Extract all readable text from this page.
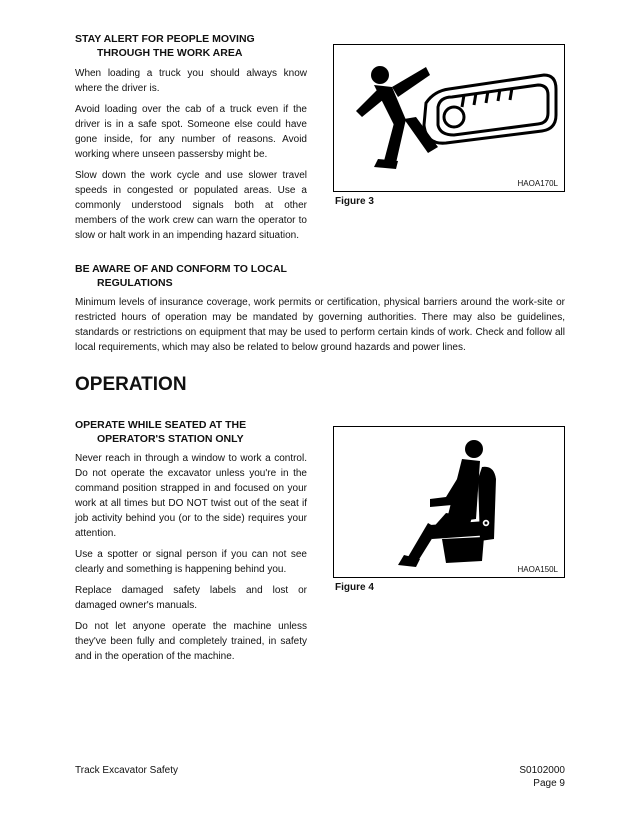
STAY ALERT FOR PEOPLE MOVING
THROUGH THE WORK AREA

When loading a truck you should always know where the driver is.

Avoid loading over the cab of a truck even if the driver is in a safe spot. Someone else could have gone inside, for any number of reasons. Avoid working where unseen passersby might be.

Slow down the work cycle and use slower travel speeds in congested or populated areas. Use a commonly understood signals both at other members of the work crew can warn the operator to slow or halt work in an impending hazard situation.

HAOA170L
Figure 3
BE AWARE OF AND CONFORM TO LOCAL
REGULATIONS

Minimum levels of insurance coverage, work permits or certification, physical barriers around the work-site or restricted hours of operation may be mandated by governing authorities. There may also be guidelines, standards or restrictions on equipment that may be used to perform certain kinds of work. Check and follow all local requirements, which may also be related to below ground hazards and power lines.

OPERATION
OPERATE WHILE SEATED AT THE
OPERATOR'S STATION ONLY

Never reach in through a window to work a control. Do not operate the excavator unless you're in the command position strapped in and focused on your work at all times but DO NOT twist out of the seat if job activity behind you (or to the side) requires your attention.

Use a spotter or signal person if you can not see clearly and something is happening behind you.

Replace damaged safety labels and lost or damaged owner's manuals.

Do not let anyone operate the machine unless they've been fully and completely trained, in safety and in the operation of the machine.

HAOA150L
Figure 4
Track Excavator Safety	S0102000
Page 9
